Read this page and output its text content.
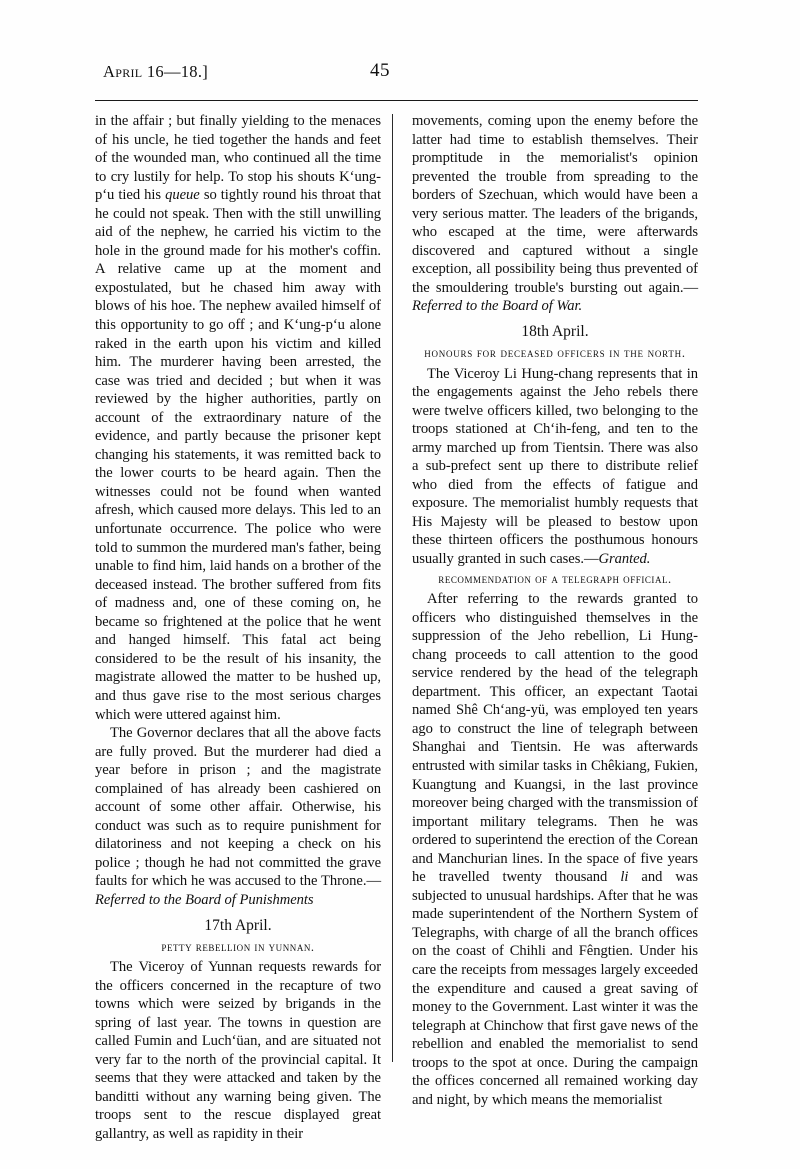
April 16—18.]	45

in the affair ; but finally yielding to the menaces of his uncle, he tied together the hands and feet of the wounded man, who continued all the time to cry lustily for help. To stop his shouts K‘ung-p‘u tied his queue so tightly round his throat that he could not speak. Then with the still unwilling aid of the nephew, he carried his victim to the hole in the ground made for his mother's coffin. A relative came up at the moment and expostulated, but he chased him away with blows of his hoe. The nephew availed himself of this opportunity to go off ; and K‘ung-p‘u alone raked in the earth upon his victim and killed him. The murderer having been arrested, the case was tried and decided ; but when it was reviewed by the higher authorities, partly on account of the extraordinary nature of the evidence, and partly because the prisoner kept changing his statements, it was remitted back to the lower courts to be heard again. Then the witnesses could not be found when wanted afresh, which caused more delays. This led to an unfortunate occurrence. The police who were told to summon the murdered man's father, being unable to find him, laid hands on a brother of the deceased instead. The brother suffered from fits of madness and, one of these coming on, he became so frightened at the police that he went and hanged himself. This fatal act being considered to be the result of his insanity, the magistrate allowed the matter to be hushed up, and thus gave rise to the most serious charges which were uttered against him.

The Governor declares that all the above facts are fully proved. But the murderer had died a year before in prison ; and the magistrate complained of has already been cashiered on account of some other affair. Otherwise, his conduct was such as to require punishment for dilatoriness and not keeping a check on his police ; though he had not committed the grave faults for which he was accused to the Throne.—Referred to the Board of Punishments

17th April.
petty rebellion in yunnan.

The Viceroy of Yunnan requests rewards for the officers concerned in the recapture of two towns which were seized by brigands in the spring of last year. The towns in question are called Fumin and Luch‘üan, and are situated not very far to the north of the provincial capital. It seems that they were attacked and taken by the banditti without any warning being given. The troops sent to the rescue displayed great gallantry, as well as rapidity in their

movements, coming upon the enemy before the latter had time to establish themselves. Their promptitude in the memorialist's opinion prevented the trouble from spreading to the borders of Szechuan, which would have been a very serious matter. The leaders of the brigands, who escaped at the time, were afterwards discovered and captured without a single exception, all possibility being thus prevented of the smouldering trouble's bursting out again.—Referred to the Board of War.

18th April.
honours for deceased officers in the north.

The Viceroy Li Hung-chang represents that in the engagements against the Jeho rebels there were twelve officers killed, two belonging to the troops stationed at Ch‘ih-feng, and ten to the army marched up from Tientsin. There was also a sub-prefect sent up there to distribute relief who died from the effects of fatigue and exposure. The memorialist humbly requests that His Majesty will be pleased to bestow upon these thirteen officers the posthumous honours usually granted in such cases.—Granted.

recommendation of a telegraph official.

After referring to the rewards granted to officers who distinguished themselves in the suppression of the Jeho rebellion, Li Hung-chang proceeds to call attention to the good service rendered by the head of the telegraph department. This officer, an expectant Taotai named Shê Ch‘ang-yü, was employed ten years ago to construct the line of telegraph between Shanghai and Tientsin. He was afterwards entrusted with similar tasks in Chêkiang, Fukien, Kuangtung and Kuangsi, in the last province moreover being charged with the transmission of important military telegrams. Then he was ordered to superintend the erection of the Corean and Manchurian lines. In the space of five years he travelled twenty thousand li and was subjected to unusual hardships. After that he was made superintendent of the Northern System of Telegraphs, with charge of all the branch offices on the coast of Chihli and Fêngtien. Under his care the receipts from messages largely exceeded the expenditure and caused a great saving of money to the Government. Last winter it was the telegraph at Chinchow that first gave news of the rebellion and enabled the memorialist to send troops to the spot at once. During the campaign the offices concerned all remained working day and night, by which means the memorialist
